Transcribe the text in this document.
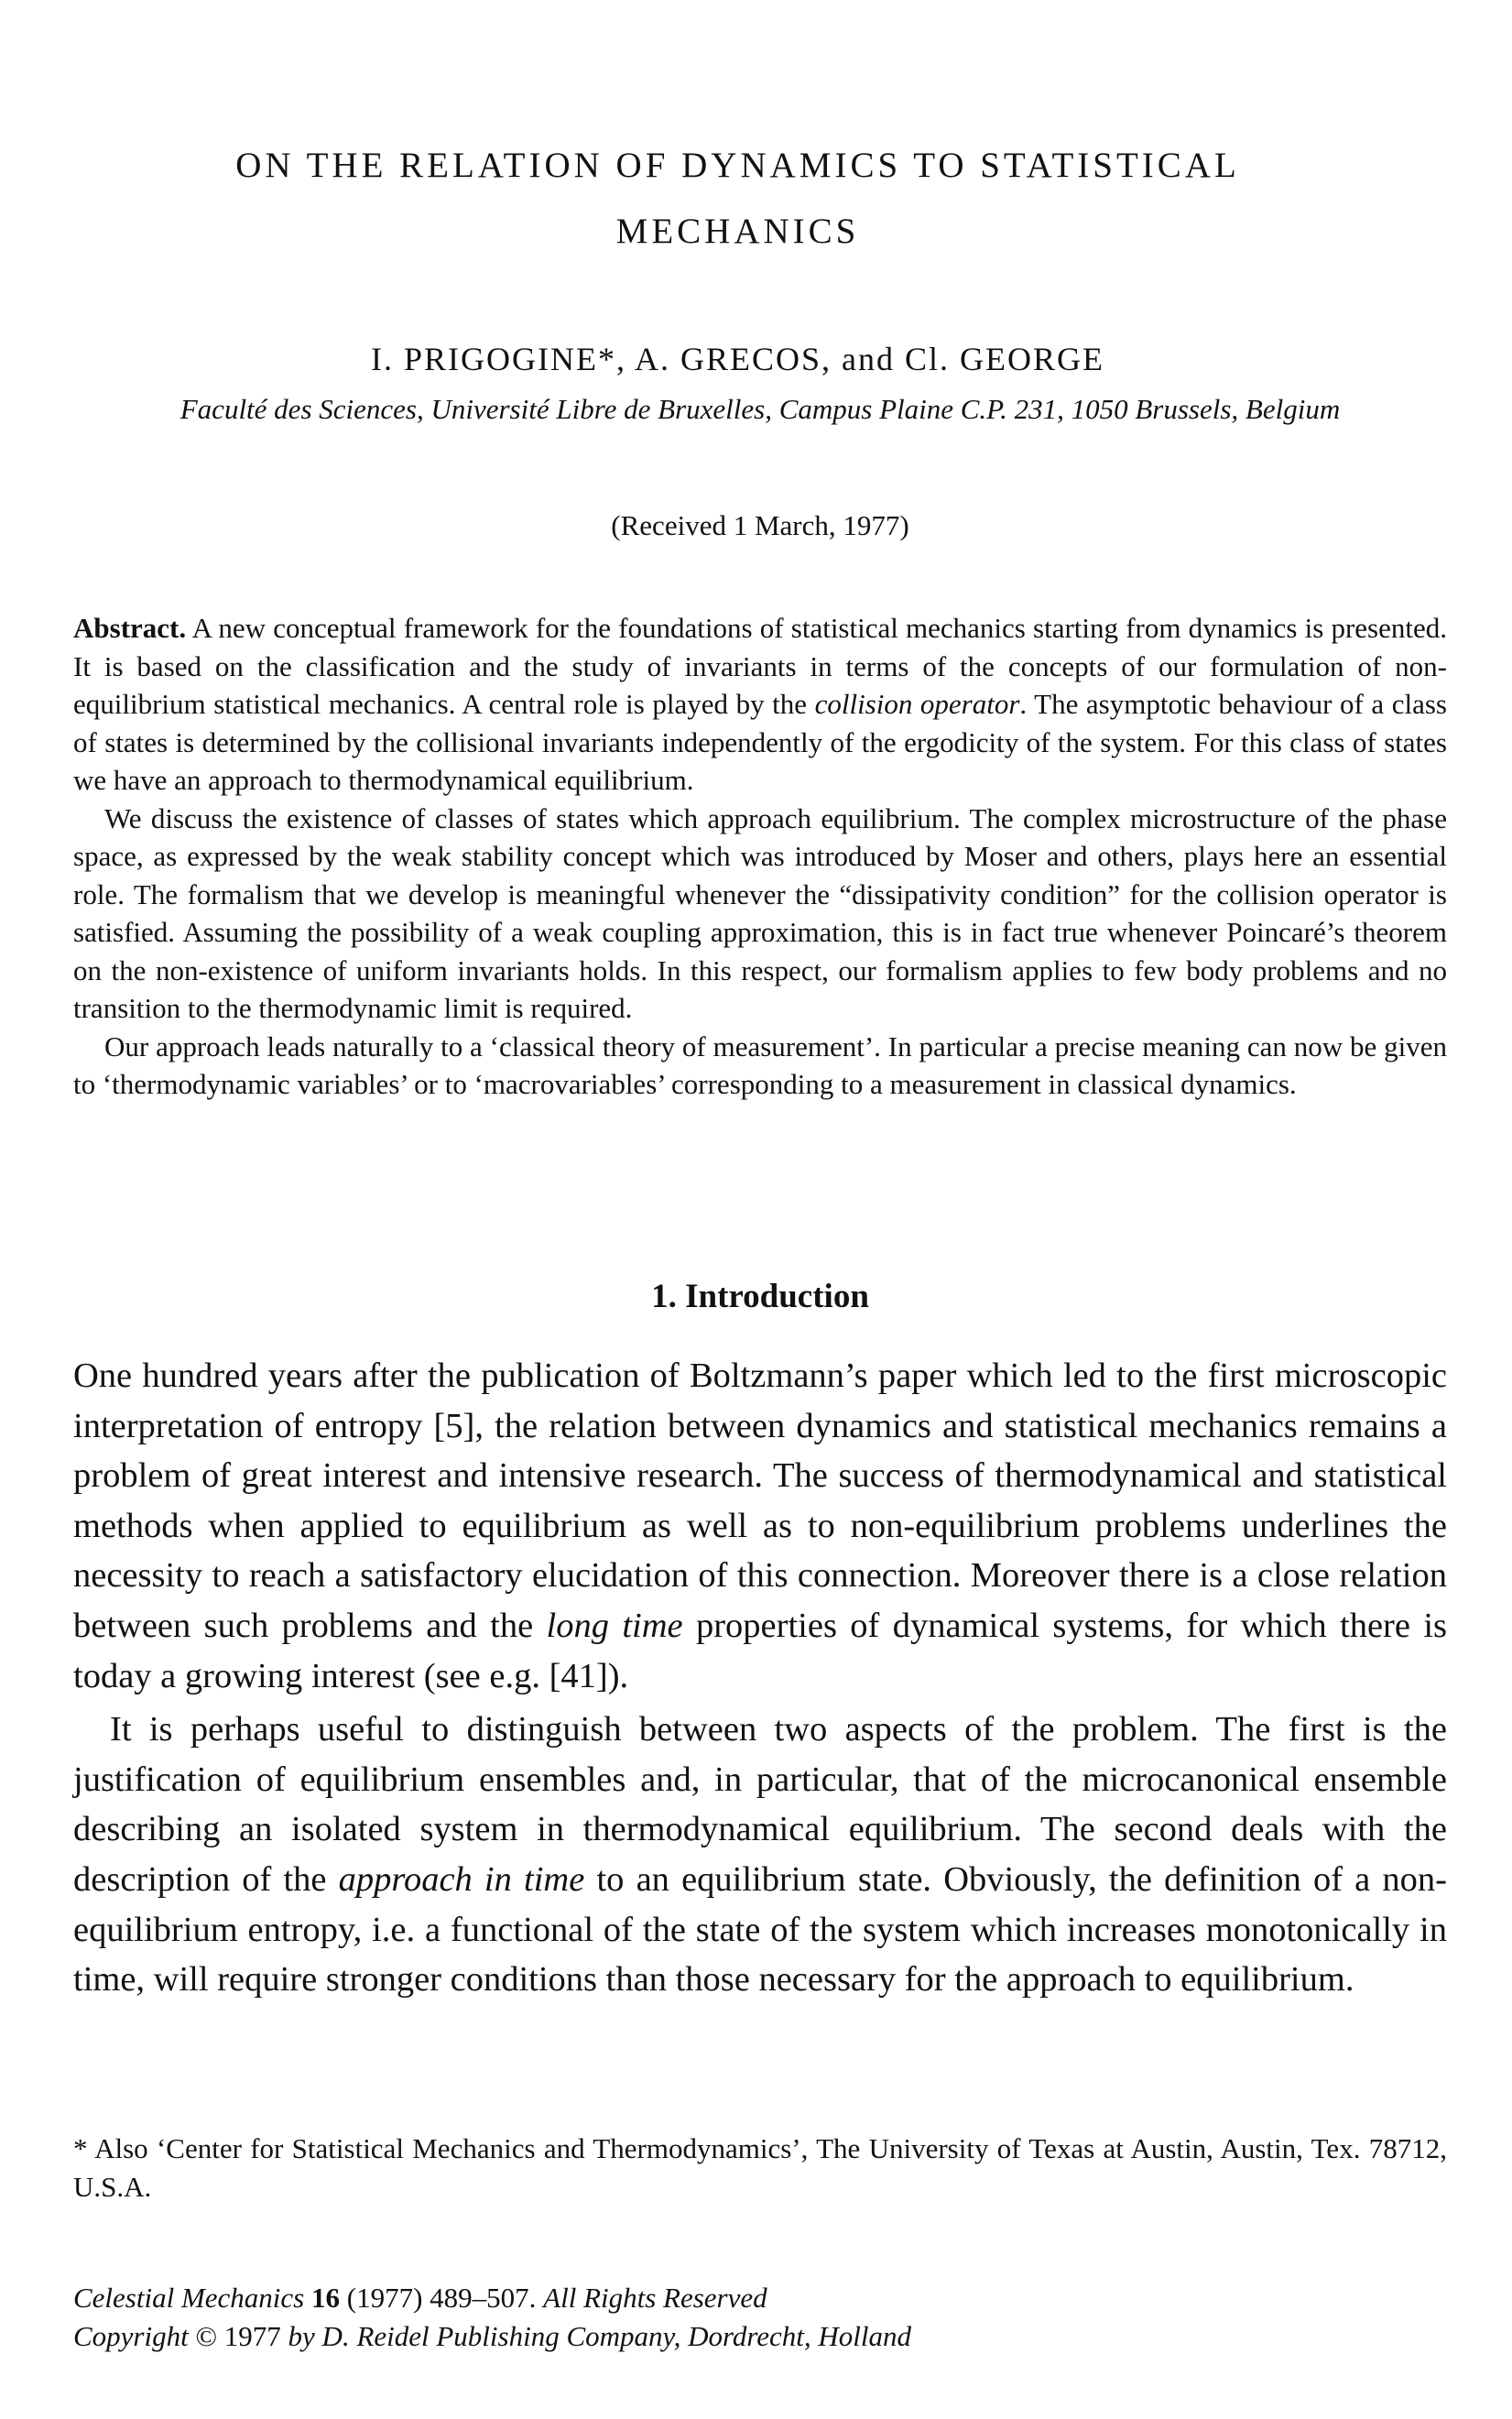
ON THE RELATION OF DYNAMICS TO STATISTICAL
MECHANICS
I. PRIGOGINE*, A. GRECOS, and Cl. GEORGE
Faculté des Sciences, Université Libre de Bruxelles, Campus Plaine C.P. 231, 1050 Brussels, Belgium
(Received 1 March, 1977)

Abstract. A new conceptual framework for the foundations of statistical mechanics starting from dynamics is presented. It is based on the classification and the study of invariants in terms of the concepts of our formulation of non-equilibrium statistical mechanics. A central role is played by the collision operator. The asymptotic behaviour of a class of states is determined by the collisional invariants independently of the ergodicity of the system. For this class of states we have an approach to thermodynamical equilibrium.

We discuss the existence of classes of states which approach equilibrium. The complex microstructure of the phase space, as expressed by the weak stability concept which was introduced by Moser and others, plays here an essential role. The formalism that we develop is meaningful whenever the “dissipativity condition” for the collision operator is satisfied. Assuming the possibility of a weak coupling approximation, this is in fact true whenever Poincaré’s theorem on the non-existence of uniform invariants holds. In this respect, our formalism applies to few body problems and no transition to the thermodynamic limit is required.

Our approach leads naturally to a ‘classical theory of measurement’. In particular a precise meaning can now be given to ‘thermodynamic variables’ or to ‘macrovariables’ corresponding to a measurement in classical dynamics.

1. Introduction

One hundred years after the publication of Boltzmann’s paper which led to the first microscopic interpretation of entropy [5], the relation between dynamics and statistical mechanics remains a problem of great interest and intensive research. The success of thermodynamical and statistical methods when applied to equilibrium as well as to non-equilibrium problems underlines the necessity to reach a satisfactory elucidation of this connection. Moreover there is a close relation between such problems and the long time properties of dynamical systems, for which there is today a growing interest (see e.g. [41]).

It is perhaps useful to distinguish between two aspects of the problem. The first is the justification of equilibrium ensembles and, in particular, that of the microcanonical ensemble describing an isolated system in thermodynamical equilibrium. The second deals with the description of the approach in time to an equilibrium state. Obviously, the definition of a non-equilibrium entropy, i.e. a functional of the state of the system which increases monotonically in time, will require stronger conditions than those necessary for the approach to equilibrium.

* Also ‘Center for Statistical Mechanics and Thermodynamics’, The University of Texas at Austin, Austin, Tex. 78712, U.S.A.
Celestial Mechanics 16 (1977) 489–507. All Rights Reserved
Copyright © 1977 by D. Reidel Publishing Company, Dordrecht, Holland
